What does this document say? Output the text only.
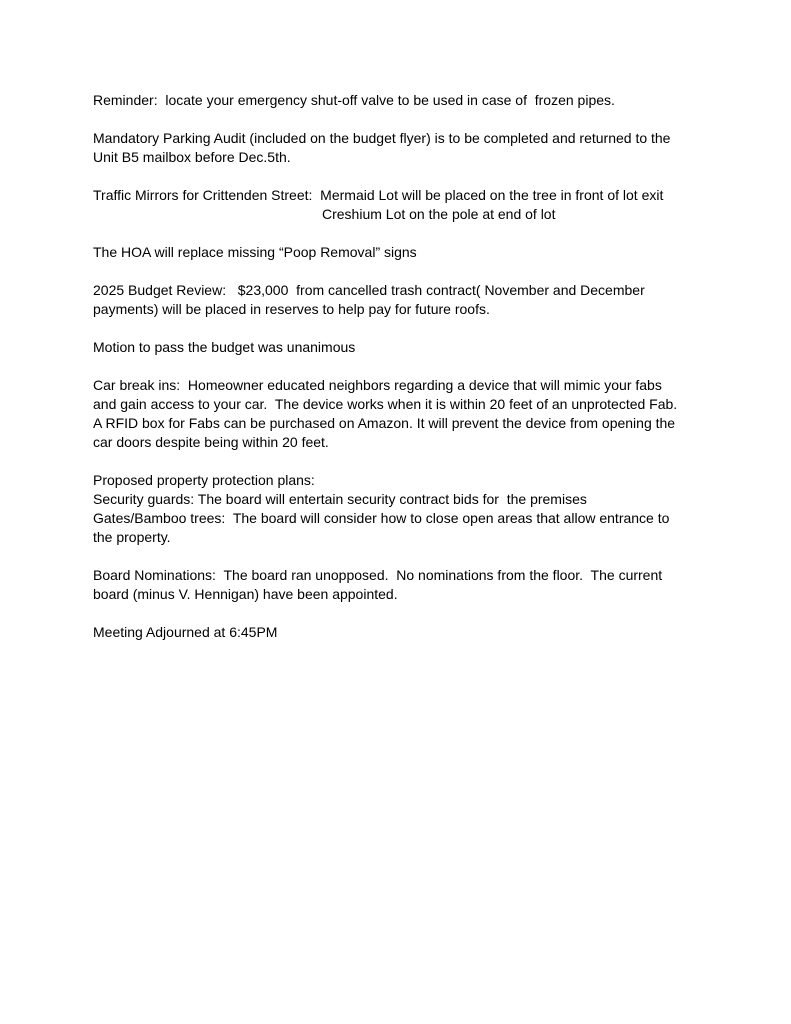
Reminder:  locate your emergency shut-off valve to be used in case of  frozen pipes.
Mandatory Parking Audit (included on the budget flyer) is to be completed and returned to the
Unit B5 mailbox before Dec.5th.
Traffic Mirrors for Crittenden Street:  Mermaid Lot will be placed on the tree in front of lot exit
Creshium Lot on the pole at end of lot
The HOA will replace missing “Poop Removal” signs
2025 Budget Review:   $23,000  from cancelled trash contract( November and December
payments) will be placed in reserves to help pay for future roofs.
Motion to pass the budget was unanimous
Car break ins:  Homeowner educated neighbors regarding a device that will mimic your fabs
and gain access to your car.  The device works when it is within 20 feet of an unprotected Fab.
A RFID box for Fabs can be purchased on Amazon. It will prevent the device from opening the
car doors despite being within 20 feet.
Proposed property protection plans:
Security guards: The board will entertain security contract bids for  the premises
Gates/Bamboo trees:  The board will consider how to close open areas that allow entrance to
the property.
Board Nominations:  The board ran unopposed.  No nominations from the floor.  The current
board (minus V. Hennigan) have been appointed.
Meeting Adjourned at 6:45PM
